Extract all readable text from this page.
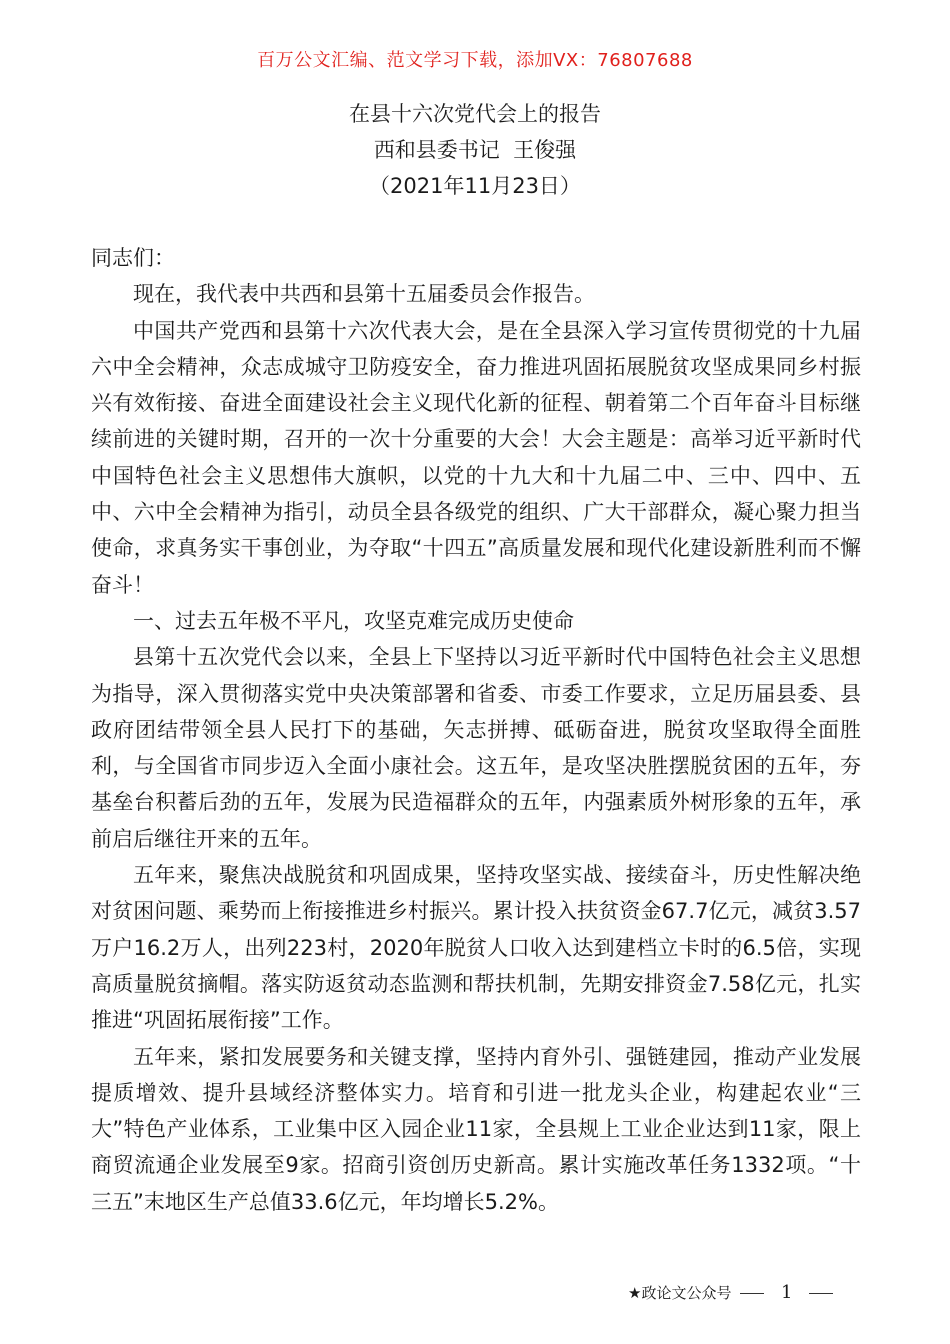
百万公文汇编、范文学习下载，添加VX：76807688
在县十六次党代会上的报告
西和县委书记  王俊强
（2021年11月23日）

同志们：

现在，我代表中共西和县第十五届委员会作报告。

中国共产党西和县第十六次代表大会，是在全县深入学习宣传贯彻党的十九届六中全会精神，众志成城守卫防疫安全，奋力推进巩固拓展脱贫攻坚成果同乡村振兴有效衔接、奋进全面建设社会主义现代化新的征程、朝着第二个百年奋斗目标继续前进的关键时期，召开的一次十分重要的大会！大会主题是：高举习近平新时代中国特色社会主义思想伟大旗帜，以党的十九大和十九届二中、三中、四中、五中、六中全会精神为指引，动员全县各级党的组织、广大干部群众，凝心聚力担当使命，求真务实干事创业，为夺取“十四五”高质量发展和现代化建设新胜利而不懈奋斗！

一、过去五年极不平凡，攻坚克难完成历史使命

县第十五次党代会以来，全县上下坚持以习近平新时代中国特色社会主义思想为指导，深入贯彻落实党中央决策部署和省委、市委工作要求，立足历届县委、县政府团结带领全县人民打下的基础，矢志拼搏、砥砺奋进，脱贫攻坚取得全面胜利，与全国省市同步迈入全面小康社会。这五年，是攻坚决胜摆脱贫困的五年，夯基垒台积蓄后劲的五年，发展为民造福群众的五年，内强素质外树形象的五年，承前启后继往开来的五年。

五年来，聚焦决战脱贫和巩固成果，坚持攻坚实战、接续奋斗，历史性解决绝对贫困问题、乘势而上衔接推进乡村振兴。累计投入扶贫资金67.7亿元，减贫3.57万户16.2万人，出列223村，2020年脱贫人口收入达到建档立卡时的6.5倍，实现高质量脱贫摘帽。落实防返贫动态监测和帮扶机制，先期安排资金7.58亿元，扎实推进“巩固拓展衔接”工作。

五年来，紧扣发展要务和关键支撑，坚持内育外引、强链建园，推动产业发展提质增效、提升县域经济整体实力。培育和引进一批龙头企业，构建起农业“三大”特色产业体系，工业集中区入园企业11家，全县规上工业企业达到11家，限上商贸流通企业发展至9家。招商引资创历史新高。累计实施改革任务1332项。“十三五”末地区生产总值33.6亿元，年均增长5.2%。

★政论文公众号	1
